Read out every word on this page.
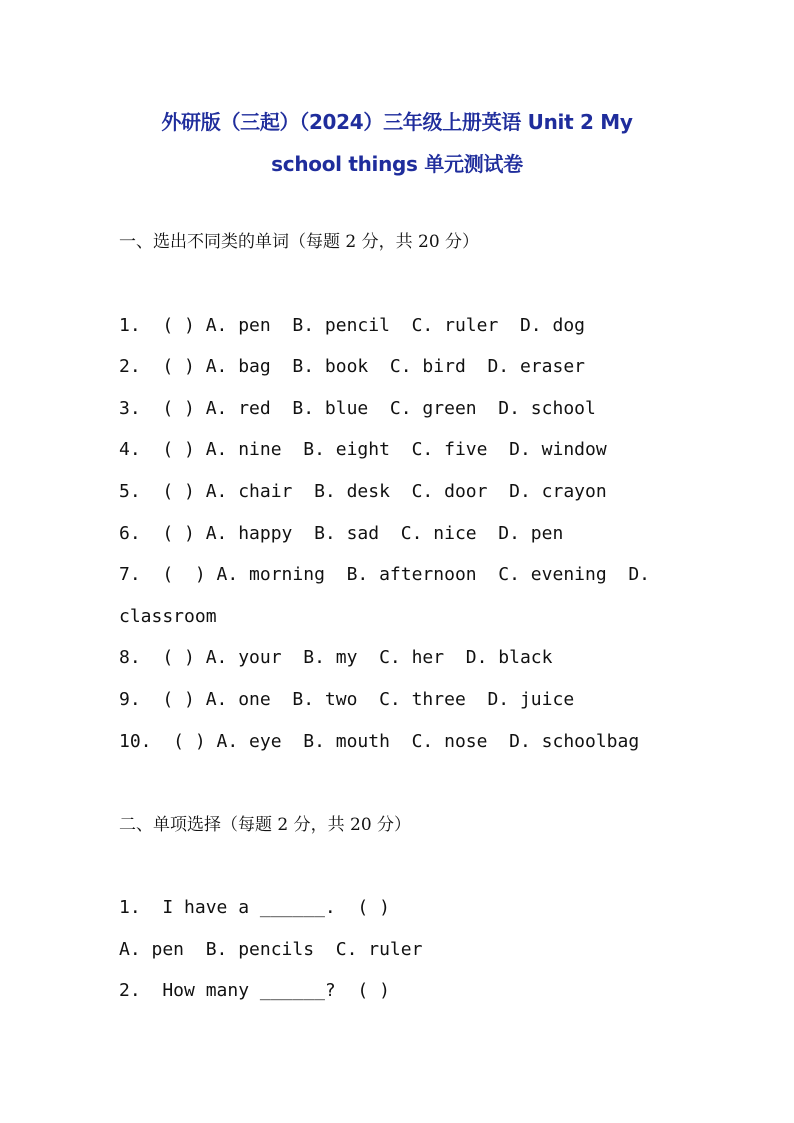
外研版（三起）（2024）三年级上册英语 Unit 2 My
school things 单元测试卷
一、选出不同类的单词（每题 2 分，共 20 分）
1.  ( ) A. pen  B. pencil  C. ruler  D. dog
2.  ( ) A. bag  B. book  C. bird  D. eraser
3.  ( ) A. red  B. blue  C. green  D. school
4.  ( ) A. nine  B. eight  C. five  D. window
5.  ( ) A. chair  B. desk  C. door  D. crayon
6.  ( ) A. happy  B. sad  C. nice  D. pen
7.  (  ) A. morning  B. afternoon  C. evening  D.
classroom
8.  ( ) A. your  B. my  C. her  D. black
9.  ( ) A. one  B. two  C. three  D. juice
10.  ( ) A. eye  B. mouth  C. nose  D. schoolbag
二、单项选择（每题 2 分，共 20 分）
1.  I have a ______.  ( )
A. pen  B. pencils  C. ruler
2.  How many ______?  ( )
